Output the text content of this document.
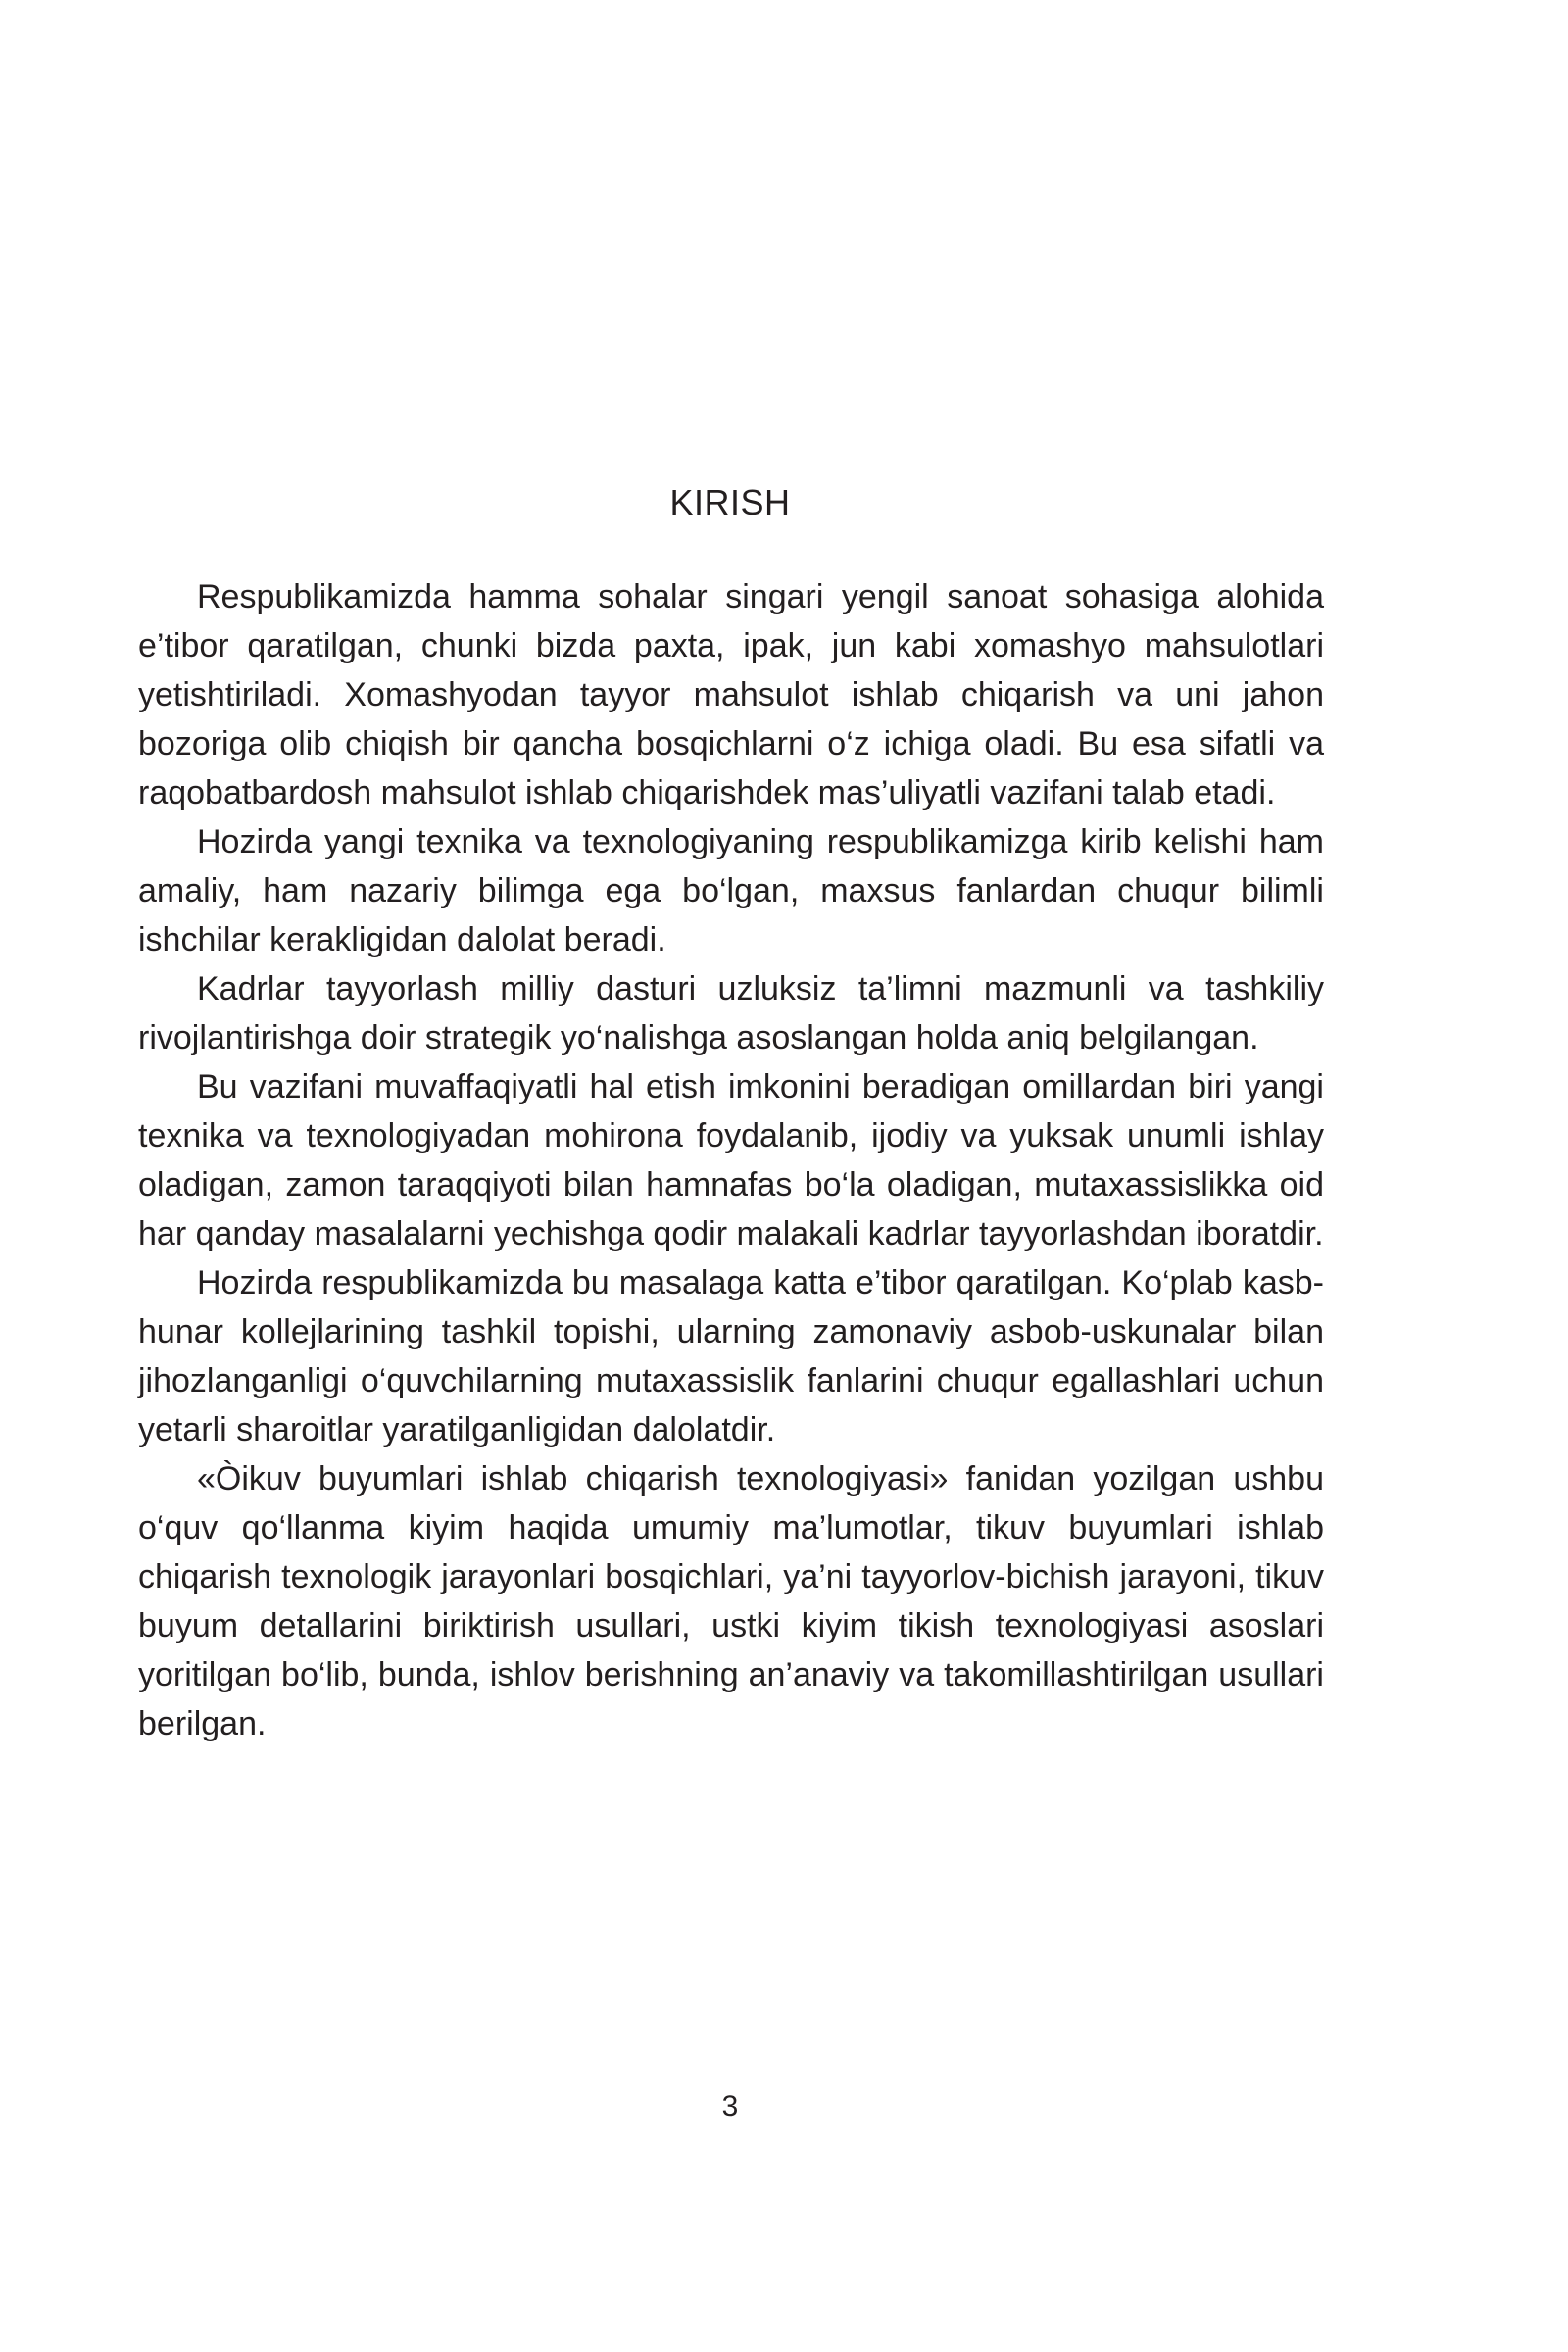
KIRISH

Respublikamizda hamma sohalar singari yengil sanoat sohasiga alohida e’tibor qaratilgan, chunki bizda paxta, ipak, jun kabi xomashyo mahsulotlari yetishtiriladi. Xomashyodan tayyor mahsulot ishlab chiqarish va uni jahon bozoriga olib chiqish bir qancha bosqichlarni o‘z ichiga oladi. Bu esa sifatli va raqobatbardosh mahsulot ishlab chiqarishdek mas’uliyatli vazifani talab etadi.

Hozirda yangi texnika va texnologiyaning respublikamizga kirib kelishi ham amaliy, ham nazariy bilimga ega bo‘lgan, maxsus fanlardan chuqur bilimli ishchilar kerakligidan dalolat beradi.

Kadrlar tayyorlash milliy dasturi uzluksiz ta’limni mazmunli va tashkiliy rivojlantirishga doir strategik yo‘nalishga asoslangan holda aniq belgilangan.

Bu vazifani muvaffaqiyatli hal etish imkonini beradigan omillardan biri yangi texnika va texnologiyadan mohirona foydalanib, ijodiy va yuksak unumli ishlay oladigan, zamon taraqqiyoti bilan hamnafas bo‘la oladigan, mutaxassislikka oid har qanday masalalarni yechishga qodir malakali kadrlar tayyorlashdan iboratdir.

Hozirda respublikamizda bu masalaga katta e’tibor qaratilgan. Ko‘plab kasb-hunar kollejlarining tashkil topishi, ularning zamonaviy asbob-uskunalar bilan jihozlanganligi o‘quvchilarning mutaxassislik fanlarini chuqur egallashlari uchun yetarli sharoitlar yaratilganligidan dalolatdir.

«Òikuv buyumlari ishlab chiqarish texnologiyasi» fanidan yozilgan ushbu o‘quv qo‘llanma kiyim haqida umumiy ma’lumotlar, tikuv buyumlari ishlab chiqarish texnologik jarayonlari bosqichlari, ya’ni tayyorlov-bichish jarayoni, tikuv buyum detallarini biriktirish usullari, ustki kiyim tikish texnologiyasi asoslari yoritilgan bo‘lib, bunda, ishlov berishning an’anaviy va takomillashtirilgan usullari berilgan.

3
